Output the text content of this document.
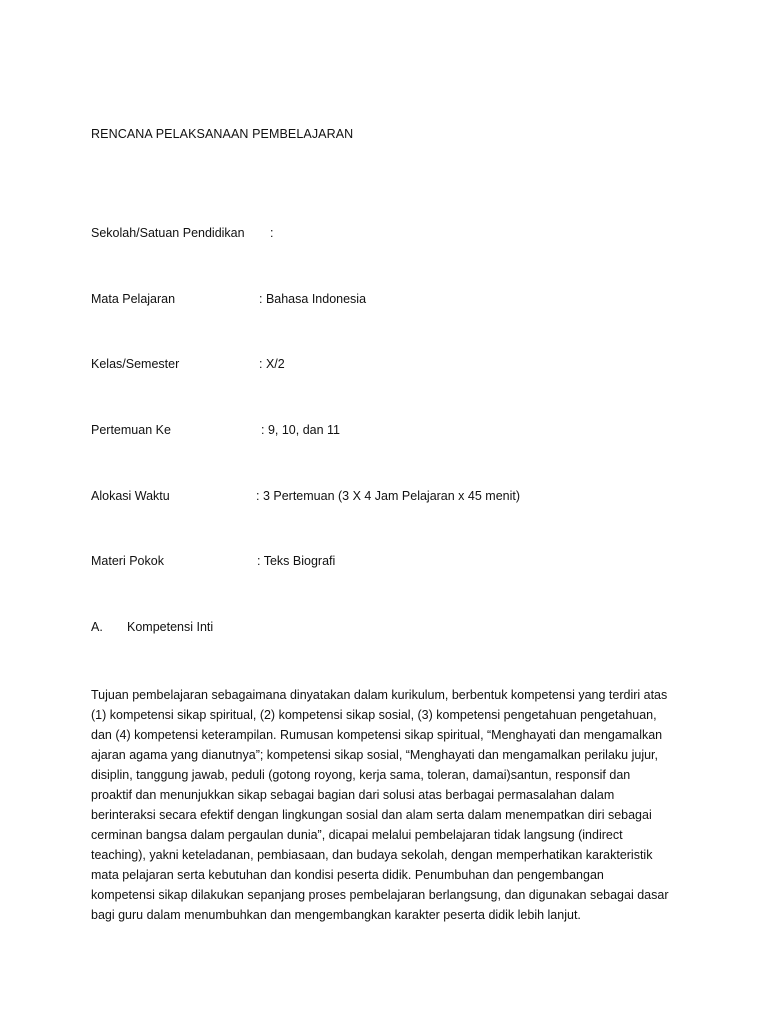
RENCANA PELAKSANAAN PEMBELAJARAN
Sekolah/Satuan Pendidikan :
Mata Pelajaran	: Bahasa Indonesia
Kelas/Semester	: X/2
Pertemuan Ke	: 9, 10, dan 11
Alokasi Waktu	: 3 Pertemuan (3 X 4 Jam Pelajaran x 45 menit)
Materi Pokok	: Teks Biografi
A. Kompetensi Inti
Tujuan pembelajaran sebagaimana dinyatakan dalam kurikulum, berbentuk kompetensi yang terdiri atas
(1) kompetensi sikap spiritual, (2) kompetensi sikap sosial, (3) kompetensi pengetahuan pengetahuan,
dan (4) kompetensi keterampilan. Rumusan kompetensi sikap spiritual, “Menghayati dan mengamalkan
ajaran agama yang dianutnya”; kompetensi sikap sosial, “Menghayati dan mengamalkan perilaku jujur,
disiplin, tanggung jawab, peduli (gotong royong, kerja sama, toleran, damai)santun, responsif dan
proaktif dan menunjukkan sikap sebagai bagian dari solusi atas berbagai permasalahan dalam
berinteraksi secara efektif dengan lingkungan sosial dan alam serta dalam menempatkan diri sebagai
cerminan bangsa dalam pergaulan dunia”, dicapai melalui pembelajaran tidak langsung (indirect
teaching), yakni keteladanan, pembiasaan, dan budaya sekolah, dengan memperhatikan karakteristik
mata pelajaran serta kebutuhan dan kondisi peserta didik. Penumbuhan dan pengembangan
kompetensi sikap dilakukan sepanjang proses pembelajaran berlangsung, dan digunakan sebagai dasar
bagi guru dalam menumbuhkan dan mengembangkan karakter peserta didik lebih lanjut.
